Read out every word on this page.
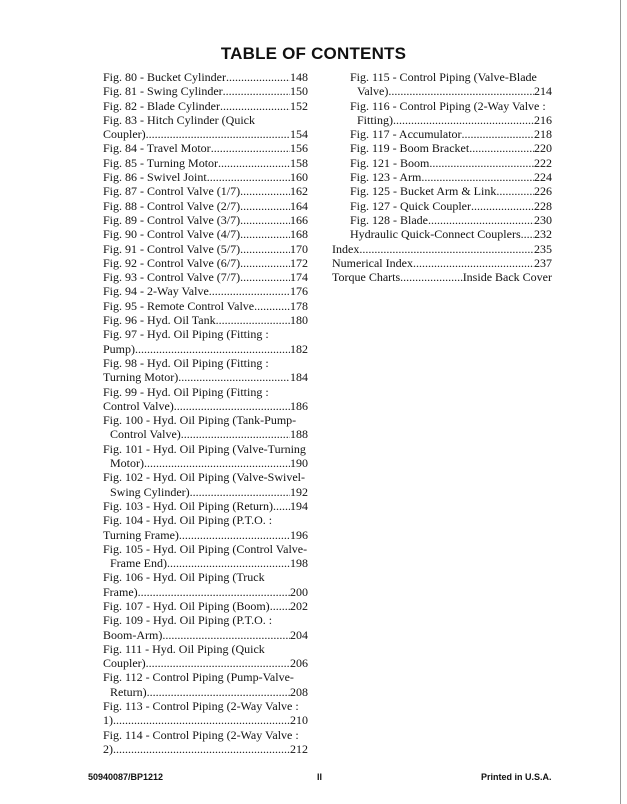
TABLE OF CONTENTS
Fig. 80 - Bucket Cylinder .....	148
Fig. 81 - Swing Cylinder .....	150
Fig. 82 - Blade Cylinder .....	152
Fig. 83 - Hitch Cylinder (Quick
Coupler) .....	154
Fig. 84 - Travel Motor .....	156
Fig. 85 - Turning Motor .....	158
Fig. 86 - Swivel Joint .....	160
Fig. 87 - Control Valve (1/7) .....	162
Fig. 88 - Control Valve (2/7) .....	164
Fig. 89 - Control Valve (3/7) .....	166
Fig. 90 - Control Valve (4/7) .....	168
Fig. 91 - Control Valve (5/7) .....	170
Fig. 92 - Control Valve (6/7) .....	172
Fig. 93 - Control Valve (7/7) .....	174
Fig. 94 - 2-Way Valve .....	176
Fig. 95 - Remote Control Valve .....	178
Fig. 96 - Hyd. Oil Tank .....	180
Fig. 97 - Hyd. Oil Piping (Fitting :
Pump) .....	182
Fig. 98 - Hyd. Oil Piping (Fitting :
Turning Motor) .....	184
Fig. 99 - Hyd. Oil Piping (Fitting :
Control Valve) .....	186
Fig. 100 - Hyd. Oil Piping (Tank-Pump-
Control Valve) .....	188
Fig. 101 - Hyd. Oil Piping (Valve-Turning
Motor) .....	190
Fig. 102 - Hyd. Oil Piping (Valve-Swivel-
Swing Cylinder) .....	192
Fig. 103 - Hyd. Oil Piping (Return) ..... 194
Fig. 104 - Hyd. Oil Piping (P.T.O. :
Turning Frame) .....	196
Fig. 105 - Hyd. Oil Piping (Control Valve-
Frame End) .....	198
Fig. 106 - Hyd. Oil Piping (Truck
Frame) .....	200
Fig. 107 - Hyd. Oil Piping (Boom) ..... 202
Fig. 109 - Hyd. Oil Piping (P.T.O. :
Boom-Arm) .....	204
Fig. 111 - Hyd. Oil Piping (Quick
Coupler) .....	206
Fig. 112 - Control Piping (Pump-Valve-
Return) .....	208
Fig. 113 - Control Piping (2-Way Valve :
1) .....	210
Fig. 114 - Control Piping (2-Way Valve :
2) .....	212
Fig. 115 - Control Piping (Valve-Blade
Valve) .....	214
Fig. 116 - Control Piping (2-Way Valve :
Fitting) .....	216
Fig. 117 - Accumulator .....	218
Fig. 119 - Boom Bracket .....	220
Fig. 121 - Boom .....	222
Fig. 123 - Arm .....	224
Fig. 125 - Bucket Arm & Link .....	226
Fig. 127 - Quick Coupler .....	228
Fig. 128 - Blade .....	230
Hydraulic Quick-Connect Couplers ..... 232
Index .....	235
Numerical Index .....	237
Torque Charts .....	Inside Back Cover
50940087/BP1212	II	Printed in U.S.A.
